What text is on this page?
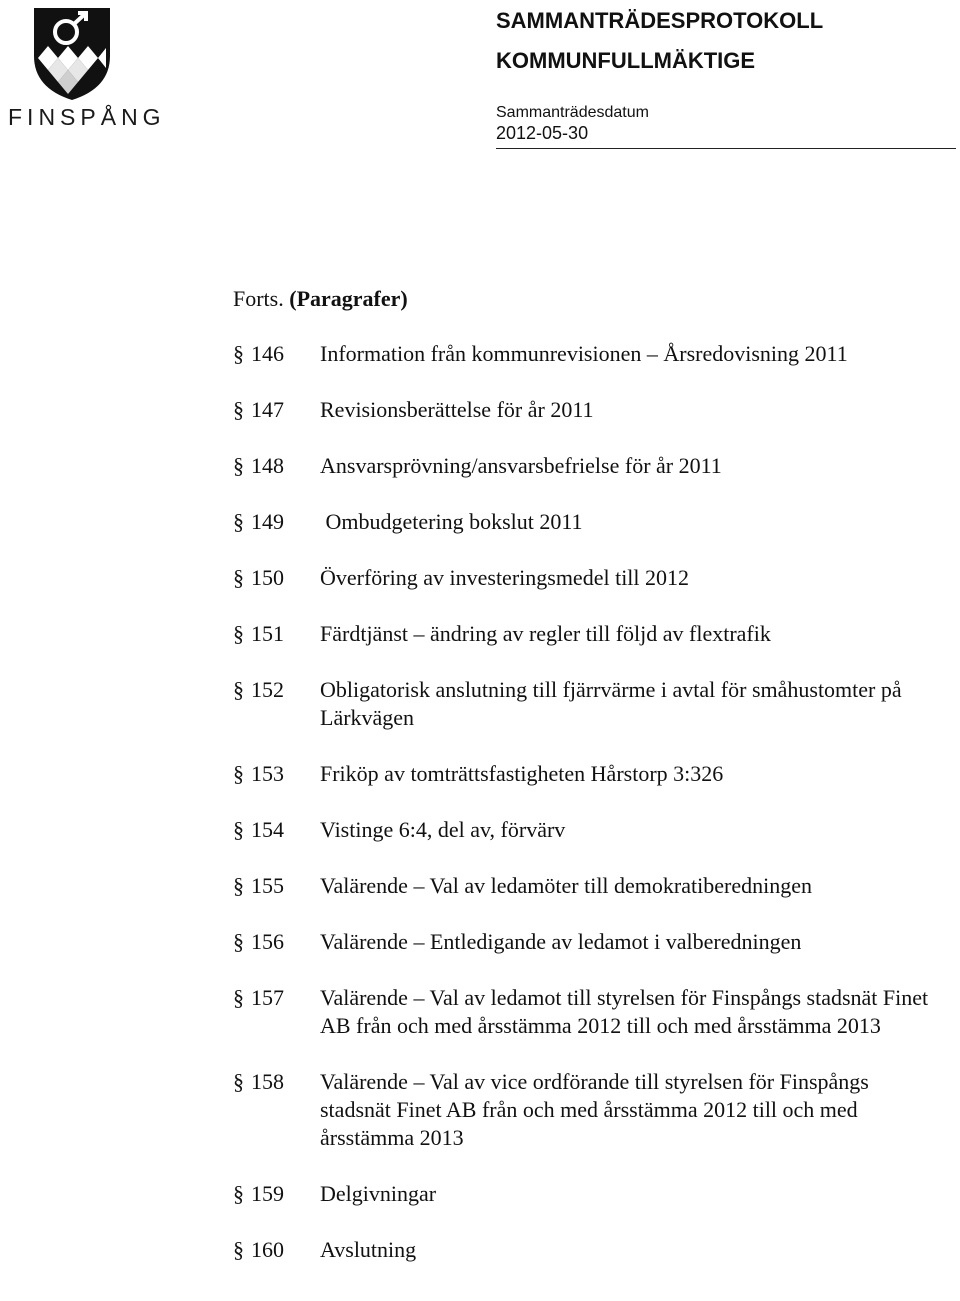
FINSPÅNG
SAMMANTRÄDESPROTOKOLL
KOMMUNFULLMÄKTIGE
Sammanträdesdatum
2012-05-30
Forts. (Paragrafer)
§ 146	Information från kommunrevisionen – Årsredovisning 2011
§ 147	Revisionsberättelse för år 2011
§ 148	Ansvarsprövning/ansvarsbefrielse för år 2011
§ 149	Ombudgetering bokslut 2011
§ 150	Överföring av investeringsmedel till 2012
§ 151	Färdtjänst – ändring av regler till följd av flextrafik
§ 152	Obligatorisk anslutning till fjärrvärme i avtal för småhustomter på Lärkvägen
§ 153	Friköp av tomträttsfastigheten Hårstorp 3:326
§ 154	Vistinge 6:4, del av, förvärv
§ 155	Valärende – Val av ledamöter till demokratiberedningen
§ 156	Valärende – Entledigande av ledamot i valberedningen
§ 157	Valärende – Val av ledamot till styrelsen för Finspångs stadsnät Finet AB från och med årsstämma 2012 till och med årsstämma 2013
§ 158	Valärende – Val av vice ordförande till styrelsen för Finspångs stadsnät Finet AB från och med årsstämma 2012 till och med årsstämma 2013
§ 159	Delgivningar
§ 160	Avslutning
